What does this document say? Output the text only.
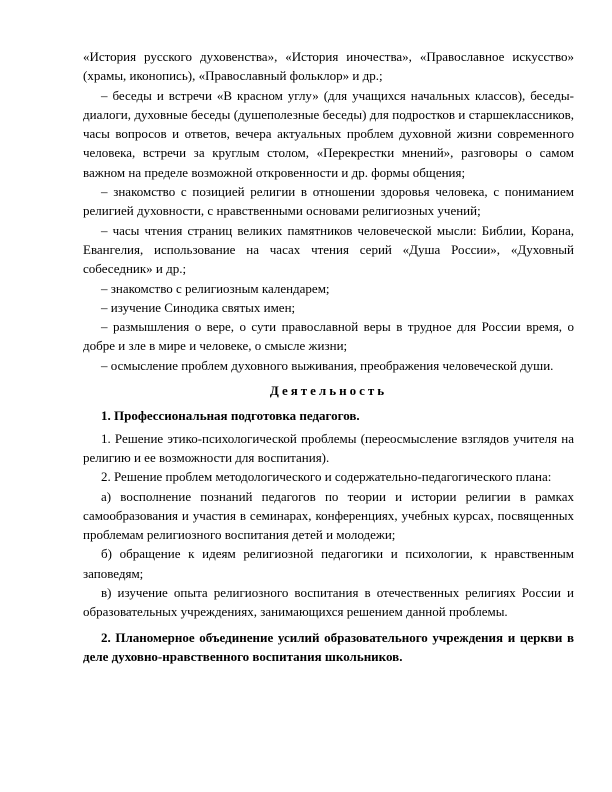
«История русского духовенства», «История иночества», «Православное искусство» (храмы, иконопись), «Православный фольклор» и др.;

– беседы и встречи «В красном углу» (для учащихся начальных классов), беседы-диалоги, духовные беседы (душеполезные беседы) для подростков и старшеклассников, часы вопросов и ответов, вечера актуальных проблем духовной жизни современного человека, встречи за круглым столом, «Перекрестки мнений», разговоры о самом важном на пределе возможной откровенности и др. формы общения;

– знакомство с позицией религии в отношении здоровья человека, с пониманием религией духовности, с нравственными основами религиозных учений;

– часы чтения страниц великих памятников человеческой мысли: Библии, Корана, Евангелия, использование на часах чтения серий «Душа России», «Духовный собеседник» и др.;

– знакомство с религиозным календарем;

– изучение Синодика святых имен;

– размышления о вере, о сути православной веры в трудное для России время, о добре и зле в мире и человеке, о смысле жизни;

– осмысление проблем духовного выживания, преображения человеческой души.

Деятельность

1. Профессиональная подготовка педагогов.

1. Решение этико-психологической проблемы (переосмысление взглядов учителя на религию и ее возможности для воспитания).

2. Решение проблем методологического и содержательно-педагогического плана:

а) восполнение познаний педагогов по теории и истории религии в рамках самообразования и участия в семинарах, конференциях, учебных курсах, посвященных проблемам религиозного воспитания детей и молодежи;

б) обращение к идеям религиозной педагогики и психологии, к нравственным заповедям;

в) изучение опыта религиозного воспитания в отечественных религиях России и образовательных учреждениях, занимающихся решением данной проблемы.

2. Планомерное объединение усилий образовательного учреждения и церкви в деле духовно-нравственного воспитания школьников.
